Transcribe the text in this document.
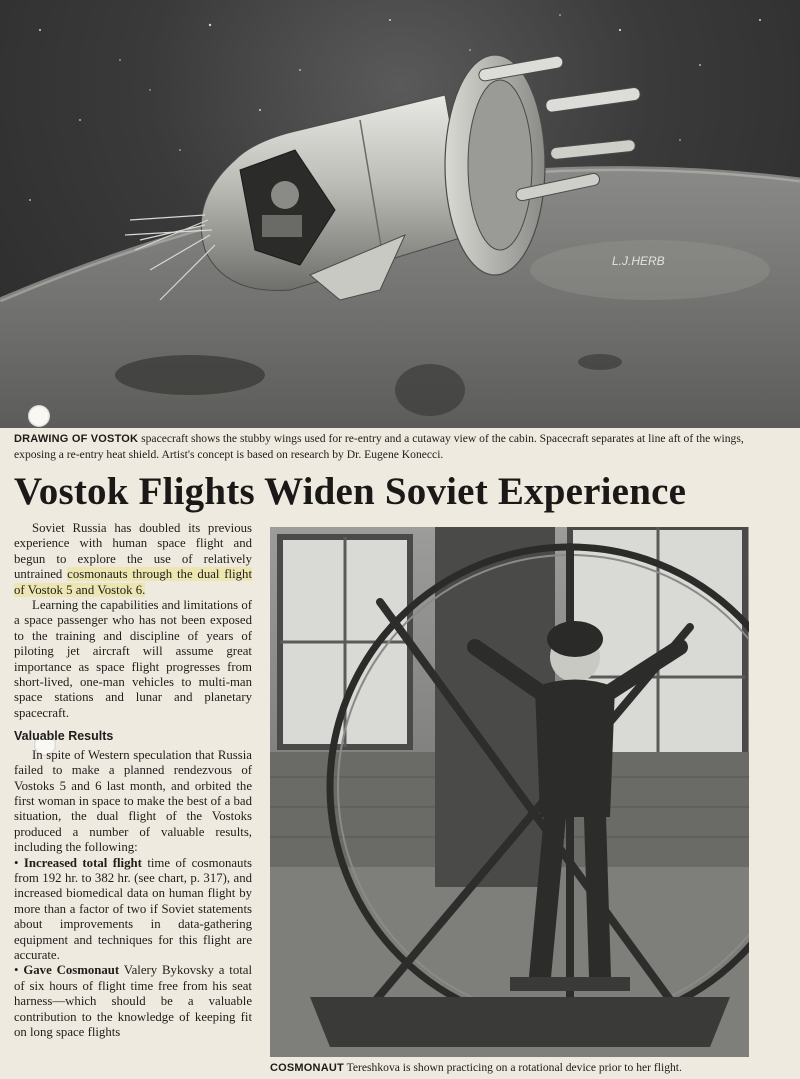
L.J.HERB
DRAWING OF VOSTOK spacecraft shows the stubby wings used for re-entry and a cutaway view of the cabin. Spacecraft separates at line aft of the wings, exposing a re-entry heat shield. Artist's concept is based on research by Dr. Eugene Konecci.
Vostok Flights Widen Soviet Experience

Soviet Russia has doubled its previous experience with human space flight and begun to explore the use of relatively untrained cosmonauts through the dual flight of Vostok 5 and Vostok 6.

Learning the capabilities and limitations of a space passenger who has not been exposed to the training and discipline of years of piloting jet aircraft will assume great importance as space flight progresses from short-lived, one-man vehicles to multi-man space stations and lunar and planetary spacecraft.

Valuable Results

In spite of Western speculation that Russia failed to make a planned rendezvous of Vostoks 5 and 6 last month, and orbited the first woman in space to make the best of a bad situation, the dual flight of the Vostoks produced a number of valuable results, including the following:

• Increased total flight time of cosmonauts from 192 hr. to 382 hr. (see chart, p. 317), and increased biomedical data on human flight by more than a factor of two if Soviet statements about improvements in data-gathering equipment and techniques for this flight are accurate.

• Gave Cosmonaut Valery Bykovsky a total of six hours of flight time free from his seat harness—which should be a valuable contribution to the knowledge of keeping fit on long space flights

COSMONAUT Tereshkova is shown practicing on a rotational device prior to her flight.
